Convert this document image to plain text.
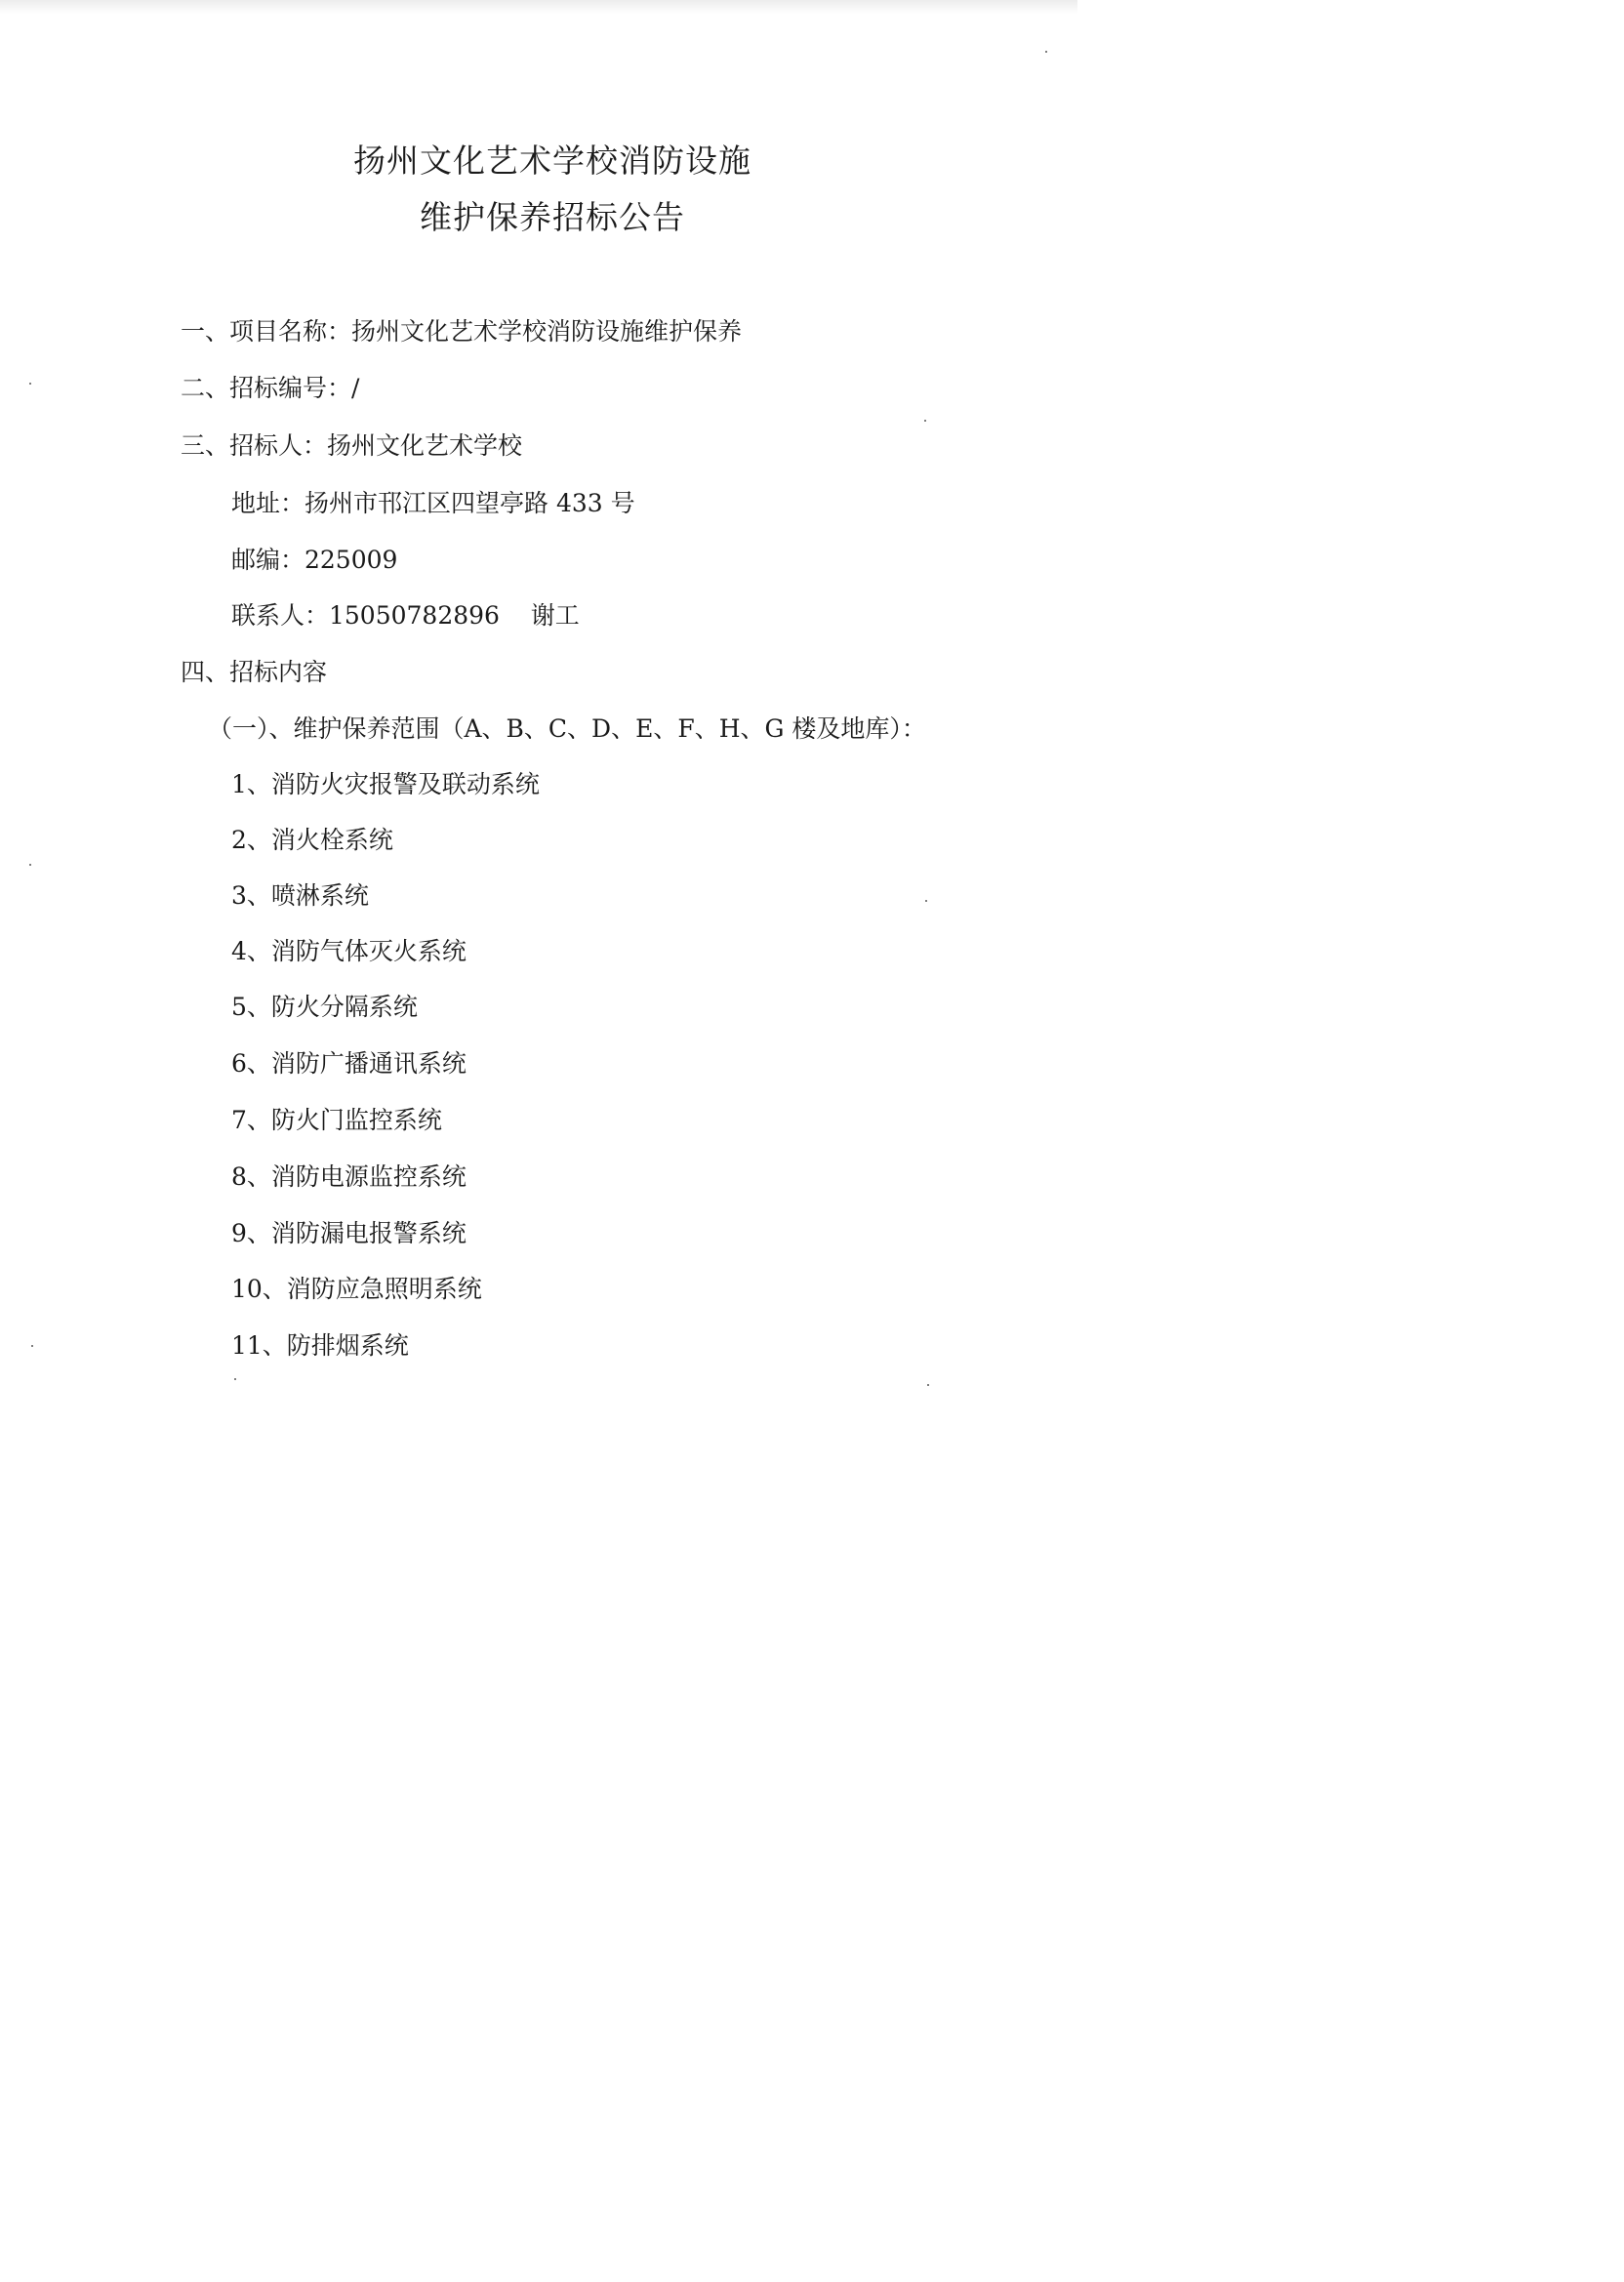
扬州文化艺术学校消防设施
维护保养招标公告

一、项目名称：扬州文化艺术学校消防设施维护保养

二、招标编号：/

三、招标人：扬州文化艺术学校

地址：扬州市邗江区四望亭路 433 号

邮编：225009

联系人：15050782896    谢工

四、招标内容

（一）、维护保养范围（A、B、C、D、E、F、H、G 楼及地库）：

1、消防火灾报警及联动系统

2、消火栓系统

3、喷淋系统

4、消防气体灭火系统

5、防火分隔系统

6、消防广播通讯系统

7、防火门监控系统

8、消防电源监控系统

9、消防漏电报警系统

10、消防应急照明系统

11、防排烟系统
